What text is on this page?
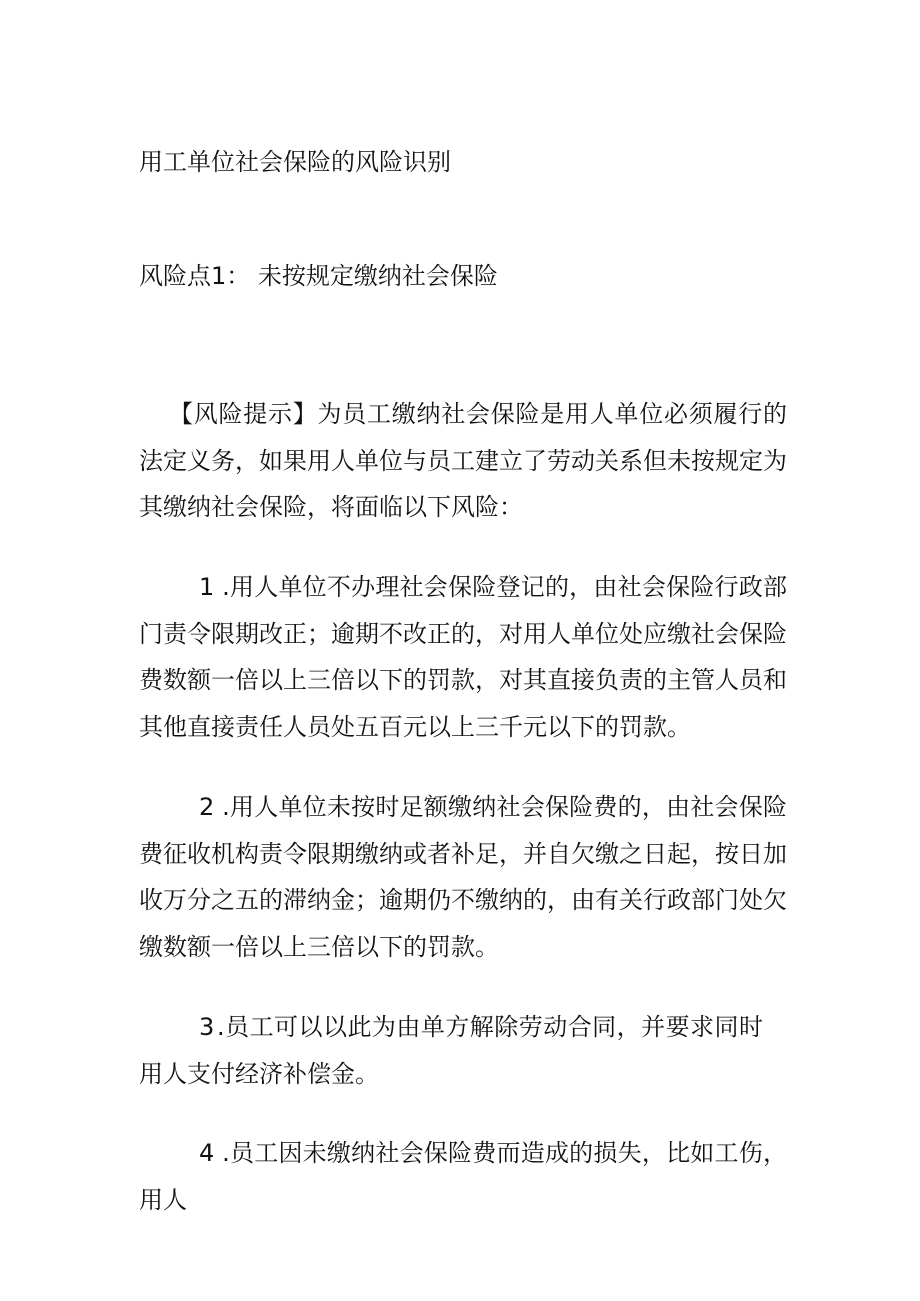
用工单位社会保险的风险识别
风险点1： 未按规定缴纳社会保险
【风险提示】为员工缴纳社会保险是用人单位必须履行的法定义务，如果用人单位与员工建立了劳动关系但未按规定为其缴纳社会保险，将面临以下风险：
1 .用人单位不办理社会保险登记的，由社会保险行政部门责令限期改正；逾期不改正的，对用人单位处应缴社会保险费数额一倍以上三倍以下的罚款，对其直接负责的主管人员和其他直接责任人员处五百元以上三千元以下的罚款。
2 .用人单位未按时足额缴纳社会保险费的，由社会保险费征收机构责令限期缴纳或者补足，并自欠缴之日起，按日加收万分之五的滞纳金；逾期仍不缴纳的，由有关行政部门处欠缴数额一倍以上三倍以下的罚款。
3 .员工可以以此为由单方解除劳动合同，并要求同时用人支付经济补偿金。
4 .员工因未缴纳社会保险费而造成的损失，比如工伤，用人
